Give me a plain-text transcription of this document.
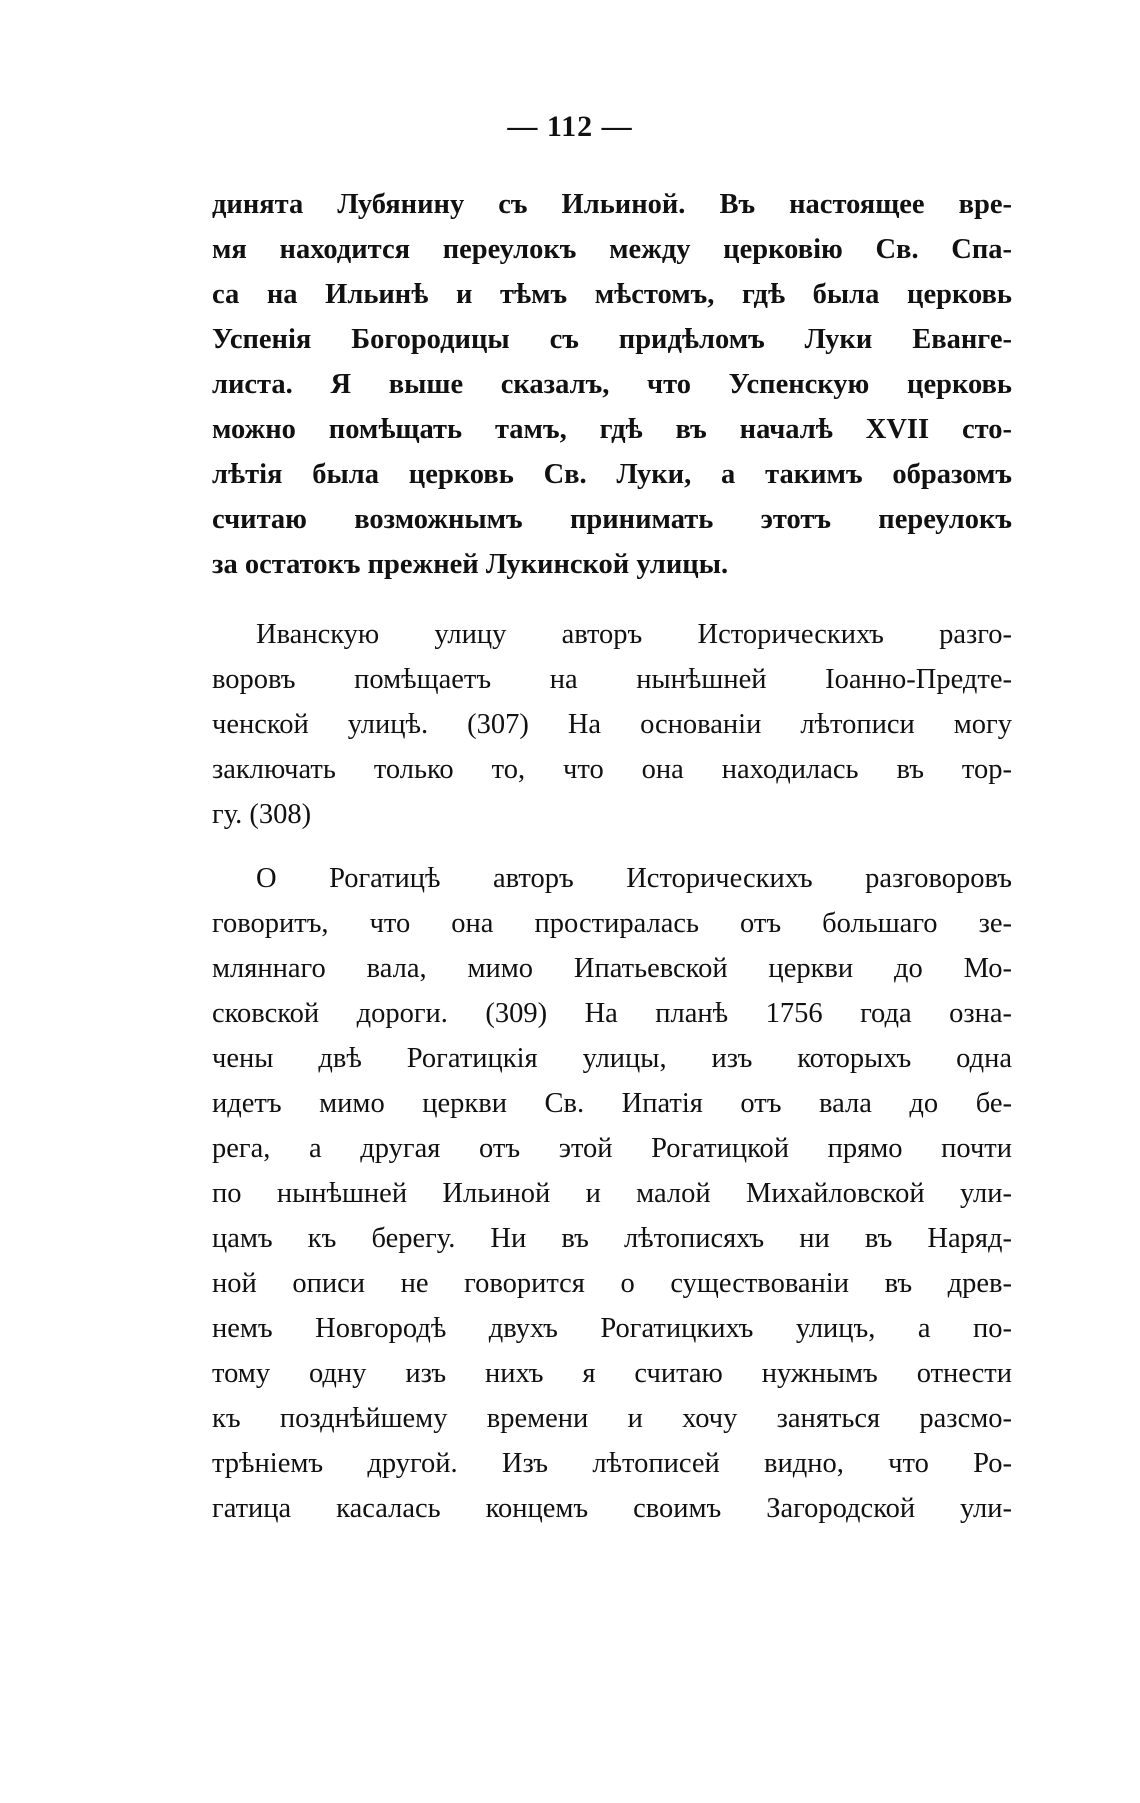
— 112 —
динята Лубянину съ Ильиной. Въ настоящее вре-
мя находится переулокъ между церковію Св. Спа-
са на Ильинѣ и тѣмъ мѣстомъ, гдѣ была церковь
Успенія Богородицы съ придѣломъ Луки Еванге-
листа. Я выше сказалъ, что Успенскую церковь
можно помѣщать тамъ, гдѣ въ началѣ XVII сто-
лѣтія была церковь Св. Луки, а такимъ образомъ
считаю возможнымъ принимать этотъ переулокъ
за остатокъ прежней Лукинской улицы.
Иванскую улицу авторъ Историческихъ разго-
воровъ помѣщаетъ на нынѣшней Іоанно-Предте-
ченской улицѣ. (307) На основаніи лѣтописи могу
заключать только то, что она находилась въ тор-
гу. (308)
О Рогатицѣ авторъ Историческихъ разговоровъ
говоритъ, что она простиралась отъ большаго зе-
мляннаго вала, мимо Ипатьевской церкви до Мо-
сковской дороги. (309) На планѣ 1756 года озна-
чены двѣ Рогатицкія улицы, изъ которыхъ одна
идетъ мимо церкви Св. Ипатія отъ вала до бе-
рега, а другая отъ этой Рогатицкой прямо почти
по нынѣшней Ильиной и малой Михайловской ули-
цамъ къ берегу. Ни въ лѣтописяхъ ни въ Наряд-
ной описи не говорится о существованіи въ древ-
немъ Новгородѣ двухъ Рогатицкихъ улицъ, а по-
тому одну изъ нихъ я считаю нужнымъ отнести
къ позднѣйшему времени и хочу заняться разсмо-
трѣніемъ другой. Изъ лѣтописей видно, что Ро-
гатица касалась концемъ своимъ Загородской ули-
